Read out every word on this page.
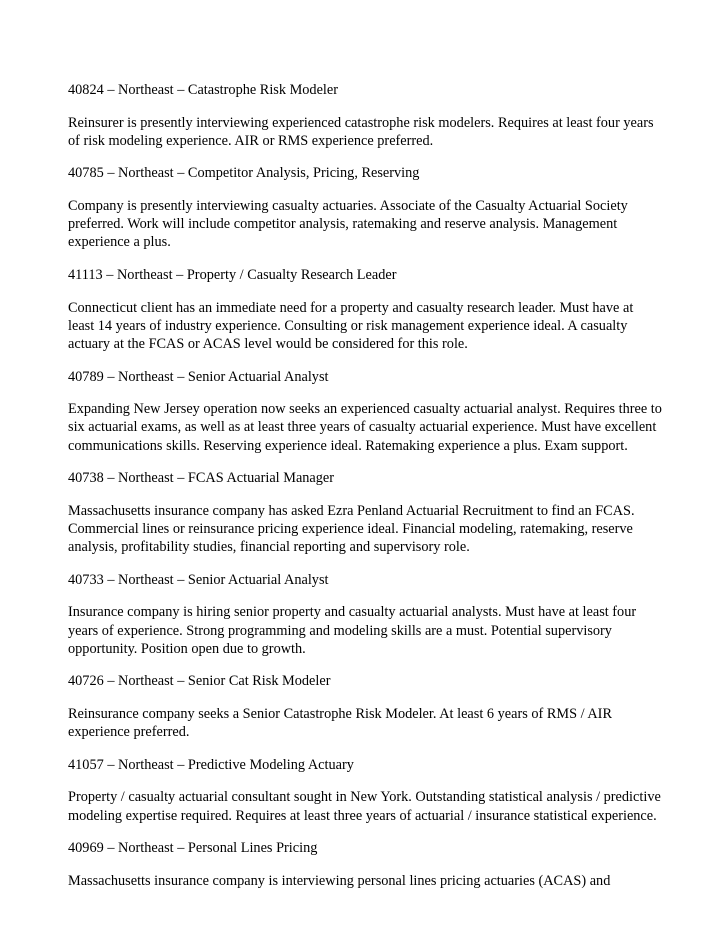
40824 – Northeast – Catastrophe Risk Modeler
Reinsurer is presently interviewing experienced catastrophe risk modelers. Requires at least four years
of risk modeling experience. AIR or RMS experience preferred.
40785 – Northeast – Competitor Analysis, Pricing, Reserving
Company is presently interviewing casualty actuaries. Associate of the Casualty Actuarial Society
preferred. Work will include competitor analysis, ratemaking and reserve analysis. Management
experience a plus.
41113 – Northeast – Property / Casualty Research Leader
Connecticut client has an immediate need for a property and casualty research leader. Must have at
least 14 years of industry experience. Consulting or risk management experience ideal. A casualty
actuary at the FCAS or ACAS level would be considered for this role.
40789 – Northeast – Senior Actuarial Analyst
Expanding New Jersey operation now seeks an experienced casualty actuarial analyst. Requires three to
six actuarial exams, as well as at least three years of casualty actuarial experience. Must have excellent
communications skills. Reserving experience ideal. Ratemaking experience a plus. Exam support.
40738 – Northeast – FCAS Actuarial Manager
Massachusetts insurance company has asked Ezra Penland Actuarial Recruitment to find an FCAS.
Commercial lines or reinsurance pricing experience ideal. Financial modeling, ratemaking, reserve
analysis, profitability studies, financial reporting and supervisory role.
40733 – Northeast – Senior Actuarial Analyst
Insurance company is hiring senior property and casualty actuarial analysts. Must have at least four
years of experience. Strong programming and modeling skills are a must. Potential supervisory
opportunity. Position open due to growth.
40726 – Northeast – Senior Cat Risk Modeler
Reinsurance company seeks a Senior Catastrophe Risk Modeler. At least 6 years of RMS / AIR
experience preferred.
41057 – Northeast – Predictive Modeling Actuary
Property / casualty actuarial consultant sought in New York. Outstanding statistical analysis / predictive
modeling expertise required. Requires at least three years of actuarial / insurance statistical experience.
40969 – Northeast – Personal Lines Pricing
Massachusetts insurance company is interviewing personal lines pricing actuaries (ACAS) and
